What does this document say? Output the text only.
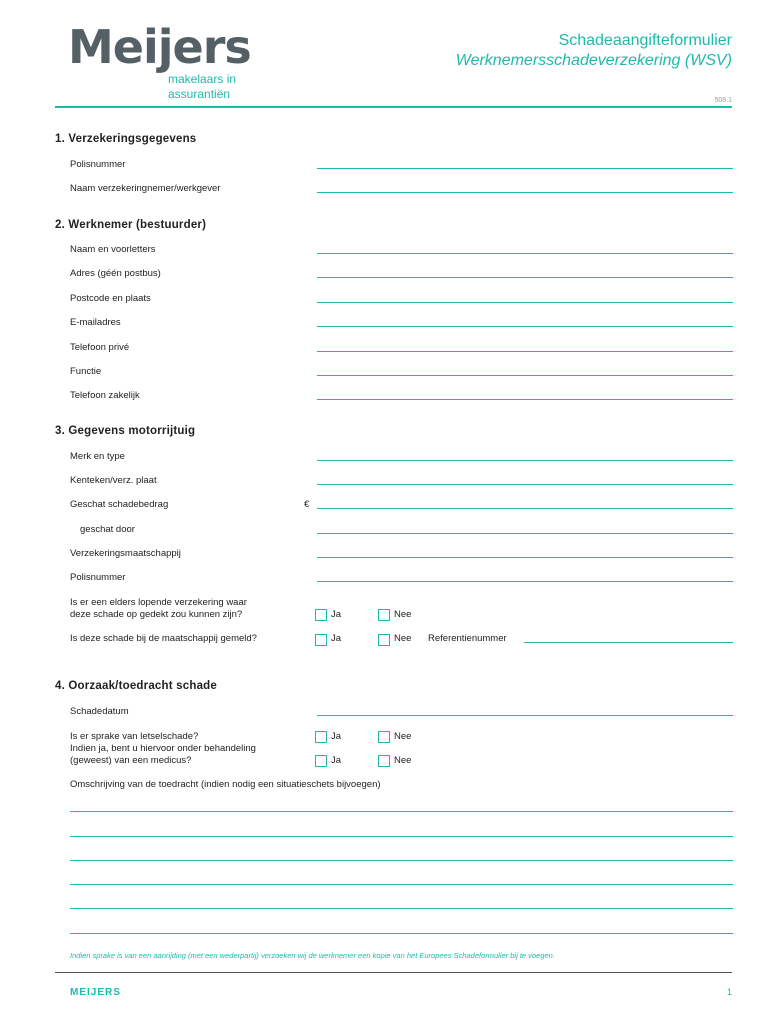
Meijers
makelaars in
assurantiën
Schadeaangifteformulier
Werknemersschadeverzekering (WSV)
508.1
1. Verzekeringsgegevens
Polisnummer
Naam verzekeringnemer/werkgever
2. Werknemer (bestuurder)
Naam en voorletters
Adres (géén postbus)
Postcode en plaats
E-mailadres
Telefoon privé
Functie
Telefoon zakelijk
3. Gegevens motorrijtuig
Merk en type
Kenteken/verz. plaat
Geschat schadebedrag	€
geschat door
Verzekeringsmaatschappij
Polisnummer
Is er een elders lopende verzekering waar
deze schade op gedekt zou kunnen zijn?	Ja	Nee
Is deze schade bij de maatschappij gemeld?	Ja	Nee Referentienummer
4. Oorzaak/toedracht schade
Schadedatum
Is er sprake van letselschade?	Ja	Nee
Indien ja, bent u hiervoor onder behandeling
(geweest) van een medicus?	Ja	Nee
Omschrijving van de toedracht (indien nodig een situatieschets bijvoegen)
Indien sprake is van een aanrijding (met een wederpartij) verzoeken wij de werknemer een kopie van het Europees Schadeformulier bij te voegen.
MEIJERS	1
